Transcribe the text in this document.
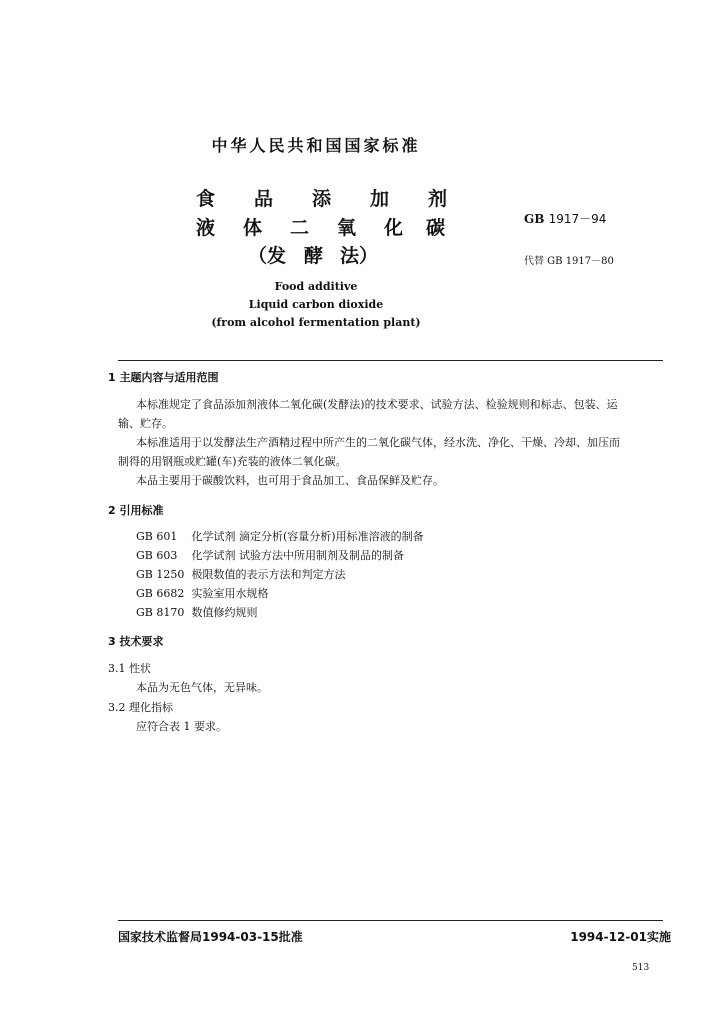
中华人民共和国国家标准
食 品 添 加 剂
液 体 二 氧 化 碳
（发 酵 法）
Food additive
Liquid carbon dioxide
(from alcohol fermentation plant)
GB 1917－94
代替 GB 1917－80
1 主题内容与适用范围
本标准规定了食品添加剂液体二氧化碳(发酵法)的技术要求、试验方法、检验规则和标志、包装、运
输、贮存。
本标准适用于以发酵法生产酒精过程中所产生的二氧化碳气体，经水洗、净化、干燥、冷却、加压而
制得的用钢瓶或贮罐(车)充装的液体二氧化碳。
本品主要用于碳酸饮料，也可用于食品加工、食品保鲜及贮存。
2 引用标准
GB 601 化学试剂 滴定分析(容量分析)用标准溶液的制备
GB 603 化学试剂 试验方法中所用制剂及制品的制备
GB 1250 极限数值的表示方法和判定方法
GB 6682 实验室用水规格
GB 8170 数值修约规则
3 技术要求
3.1 性状
本品为无色气体，无异味。
3.2 理化指标
应符合表 1 要求。
国家技术监督局1994-03-15批准	1994-12-01实施
513
